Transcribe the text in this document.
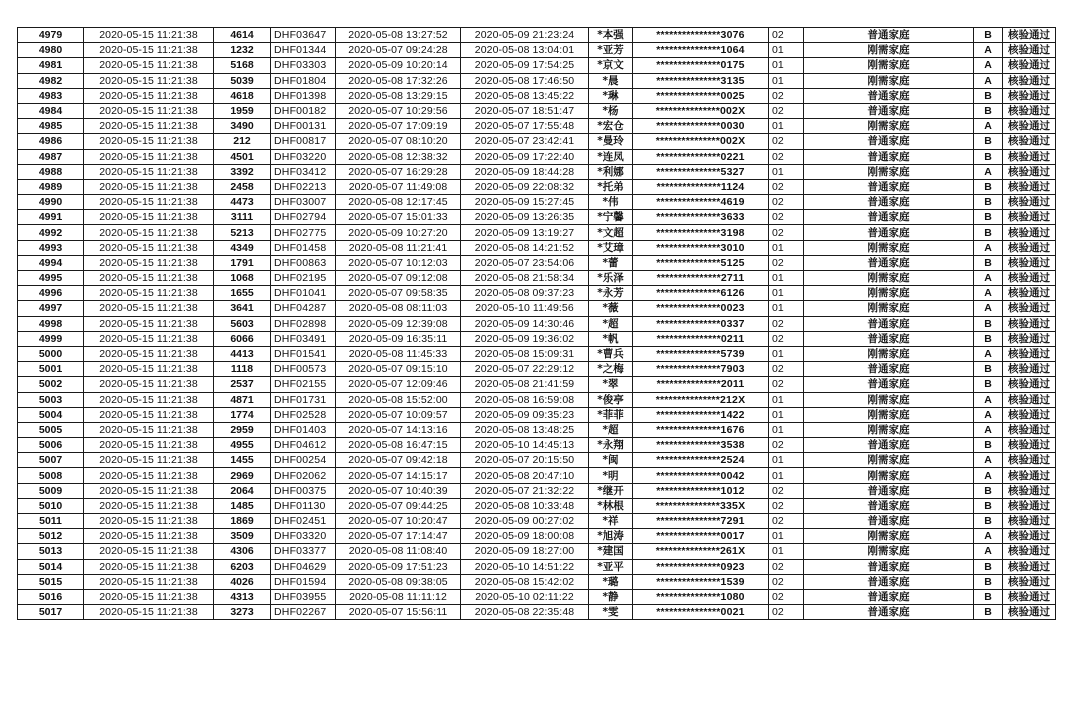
4979	2020-05-15 11:21:38	4614	DHF03647	2020-05-08 13:27:52	2020-05-09 21:23:24	*本强	***************3076	02	普通家庭	B	核验通过
4980	2020-05-15 11:21:38	1232	DHF01344	2020-05-07 09:24:28	2020-05-08 13:04:01	*亚芳	***************1064	01	刚需家庭	A	核验通过
4981	2020-05-15 11:21:38	5168	DHF03303	2020-05-09 10:20:14	2020-05-09 17:54:25	*京文	***************0175	01	刚需家庭	A	核验通过
4982	2020-05-15 11:21:38	5039	DHF01804	2020-05-08 17:32:26	2020-05-08 17:46:50	*晨	***************3135	01	刚需家庭	A	核验通过
4983	2020-05-15 11:21:38	4618	DHF01398	2020-05-08 13:29:15	2020-05-08 13:45:22	*琳	***************0025	02	普通家庭	B	核验通过
4984	2020-05-15 11:21:38	1959	DHF00182	2020-05-07 10:29:56	2020-05-07 18:51:47	*杨	***************002X	02	普通家庭	B	核验通过
4985	2020-05-15 11:21:38	3490	DHF00131	2020-05-07 17:09:19	2020-05-07 17:55:48	*宏仓	***************0030	01	刚需家庭	A	核验通过
4986	2020-05-15 11:21:38	212	DHF00817	2020-05-07 08:10:20	2020-05-07 23:42:41	*曼玲	***************002X	02	普通家庭	B	核验通过
4987	2020-05-15 11:21:38	4501	DHF03220	2020-05-08 12:38:32	2020-05-09 17:22:40	*连凤	***************0221	02	普通家庭	B	核验通过
4988	2020-05-15 11:21:38	3392	DHF03412	2020-05-07 16:29:28	2020-05-09 18:44:28	*利娜	***************5327	01	刚需家庭	A	核验通过
4989	2020-05-15 11:21:38	2458	DHF02213	2020-05-07 11:49:08	2020-05-09 22:08:32	*托弟	***************1124	02	普通家庭	B	核验通过
4990	2020-05-15 11:21:38	4473	DHF03007	2020-05-08 12:17:45	2020-05-09 15:27:45	*伟	***************4619	02	普通家庭	B	核验通过
4991	2020-05-15 11:21:38	3111	DHF02794	2020-05-07 15:01:33	2020-05-09 13:26:35	*宁馨	***************3633	02	普通家庭	B	核验通过
4992	2020-05-15 11:21:38	5213	DHF02775	2020-05-09 10:27:20	2020-05-09 13:19:27	*文超	***************3198	02	普通家庭	B	核验通过
4993	2020-05-15 11:21:38	4349	DHF01458	2020-05-08 11:21:41	2020-05-08 14:21:52	*艾璋	***************3010	01	刚需家庭	A	核验通过
4994	2020-05-15 11:21:38	1791	DHF00863	2020-05-07 10:12:03	2020-05-07 23:54:06	*蕾	***************5125	02	普通家庭	B	核验通过
4995	2020-05-15 11:21:38	1068	DHF02195	2020-05-07 09:12:08	2020-05-08 21:58:34	*乐泽	***************2711	01	刚需家庭	A	核验通过
4996	2020-05-15 11:21:38	1655	DHF01041	2020-05-07 09:58:35	2020-05-08 09:37:23	*永芳	***************6126	01	刚需家庭	A	核验通过
4997	2020-05-15 11:21:38	3641	DHF04287	2020-05-08 08:11:03	2020-05-10 11:49:56	*薇	***************0023	01	刚需家庭	A	核验通过
4998	2020-05-15 11:21:38	5603	DHF02898	2020-05-09 12:39:08	2020-05-09 14:30:46	*超	***************0337	02	普通家庭	B	核验通过
4999	2020-05-15 11:21:38	6066	DHF03491	2020-05-09 16:35:11	2020-05-09 19:36:02	*帆	***************0211	02	普通家庭	B	核验通过
5000	2020-05-15 11:21:38	4413	DHF01541	2020-05-08 11:45:33	2020-05-08 15:09:31	*曹兵	***************5739	01	刚需家庭	A	核验通过
5001	2020-05-15 11:21:38	1118	DHF00573	2020-05-07 09:15:10	2020-05-07 22:29:12	*之梅	***************7903	02	普通家庭	B	核验通过
5002	2020-05-15 11:21:38	2537	DHF02155	2020-05-07 12:09:46	2020-05-08 21:41:59	*翠	***************2011	02	普通家庭	B	核验通过
5003	2020-05-15 11:21:38	4871	DHF01731	2020-05-08 15:52:00	2020-05-08 16:59:08	*俊亭	***************212X	01	刚需家庭	A	核验通过
5004	2020-05-15 11:21:38	1774	DHF02528	2020-05-07 10:09:57	2020-05-09 09:35:23	*菲菲	***************1422	01	刚需家庭	A	核验通过
5005	2020-05-15 11:21:38	2959	DHF01403	2020-05-07 14:13:16	2020-05-08 13:48:25	*超	***************1676	01	刚需家庭	A	核验通过
5006	2020-05-15 11:21:38	4955	DHF04612	2020-05-08 16:47:15	2020-05-10 14:45:13	*永翔	***************3538	02	普通家庭	B	核验通过
5007	2020-05-15 11:21:38	1455	DHF00254	2020-05-07 09:42:18	2020-05-07 20:15:50	*闽	***************2524	01	刚需家庭	A	核验通过
5008	2020-05-15 11:21:38	2969	DHF02062	2020-05-07 14:15:17	2020-05-08 20:47:10	*明	***************0042	01	刚需家庭	A	核验通过
5009	2020-05-15 11:21:38	2064	DHF00375	2020-05-07 10:40:39	2020-05-07 21:32:22	*继开	***************1012	02	普通家庭	B	核验通过
5010	2020-05-15 11:21:38	1485	DHF01130	2020-05-07 09:44:25	2020-05-08 10:33:48	*林根	***************335X	02	普通家庭	B	核验通过
5011	2020-05-15 11:21:38	1869	DHF02451	2020-05-07 10:20:47	2020-05-09 00:27:02	*祥	***************7291	02	普通家庭	B	核验通过
5012	2020-05-15 11:21:38	3509	DHF03320	2020-05-07 17:14:47	2020-05-09 18:00:08	*旭涛	***************0017	01	刚需家庭	A	核验通过
5013	2020-05-15 11:21:38	4306	DHF03377	2020-05-08 11:08:40	2020-05-09 18:27:00	*建国	***************261X	01	刚需家庭	A	核验通过
5014	2020-05-15 11:21:38	6203	DHF04629	2020-05-09 17:51:23	2020-05-10 14:51:22	*亚平	***************0923	02	普通家庭	B	核验通过
5015	2020-05-15 11:21:38	4026	DHF01594	2020-05-08 09:38:05	2020-05-08 15:42:02	*璐	***************1539	02	普通家庭	B	核验通过
5016	2020-05-15 11:21:38	4313	DHF03955	2020-05-08 11:11:12	2020-05-10 02:11:22	*静	***************1080	02	普通家庭	B	核验通过
5017	2020-05-15 11:21:38	3273	DHF02267	2020-05-07 15:56:11	2020-05-08 22:35:48	*雯	***************0021	02	普通家庭	B	核验通过
